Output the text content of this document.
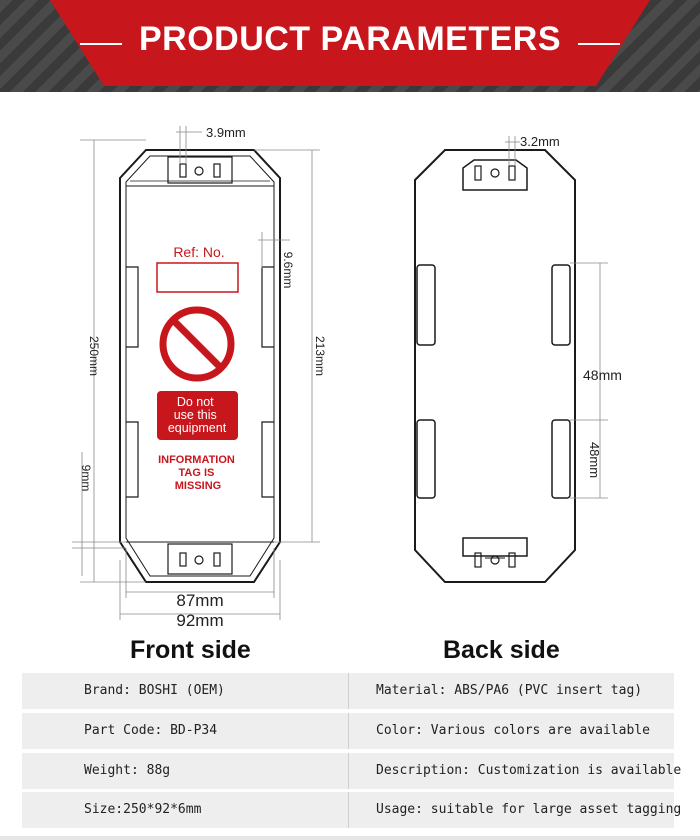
PRODUCT PARAMETERS
Ref: No.
Do not use this equipment
INFORMATION TAG IS MISSING
3.9mm
250mm	213mm
9.6mm
9mm
87mm
92mm
3.2mm
48mm
48mm
Front side	Back side
Brand: BOSHI (OEM)	Material: ABS/PA6 (PVC insert tag)
Part Code: BD-P34	Color: Various colors are available
Weight: 88g	Description: Customization is available
Size:250*92*6mm	Usage: suitable for large asset tagging
